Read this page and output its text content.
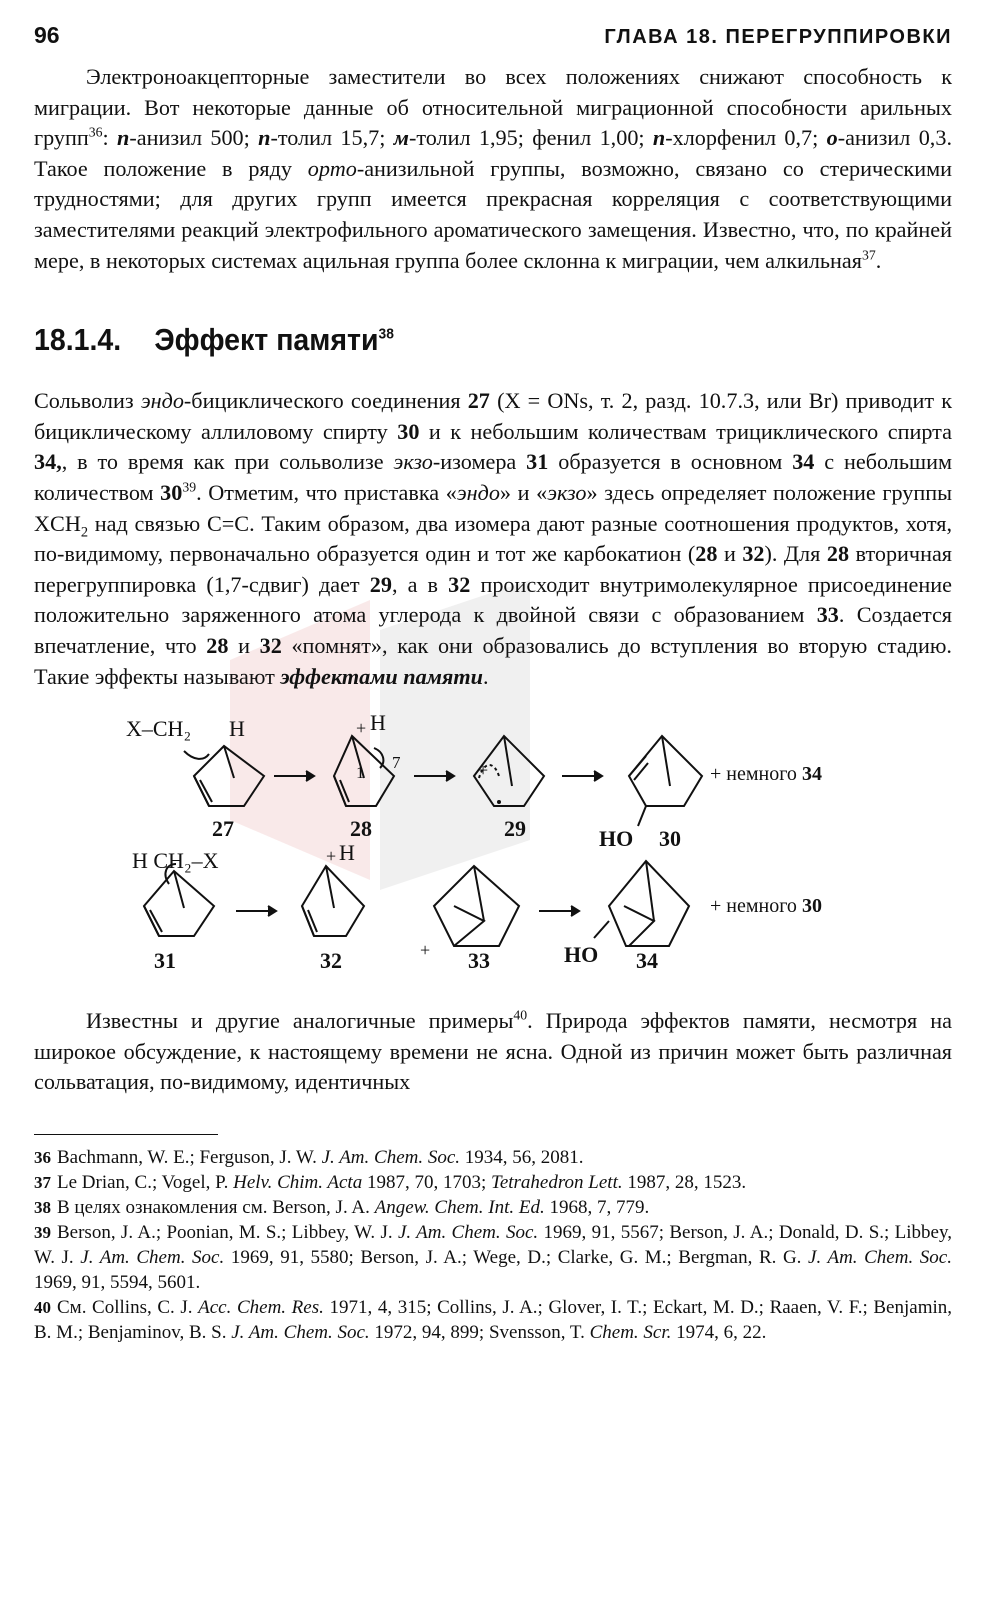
96	ГЛАВА 18. ПЕРЕГРУППИРОВКИ

Электроноакцепторные заместители во всех положениях снижают способность к миграции. Вот некоторые данные об относительной миграционной способности арильных групп$^{36}$: п-анизил 500; п-толил 15,7; м-толил 1,95; фенил 1,00; п-хлорфенил 0,7; о-анизил 0,3. Такое положение в ряду орто-анизильной группы, возможно, связано со стерическими трудностями; для других групп имеется прекрасная корреляция с соответствующими заместителями реакций электрофильного ароматического замещения. Известно, что, по крайней мере, в некоторых системах ацильная группа более склонна к миграции, чем алкильная$^{37}$.

18.1.4. Эффект памяти$^{38}$

Сольволиз эндо-бициклического соединения 27 (X = ONs, т. 2, разд. 10.7.3, или Br) приводит к бициклическому аллиловому спирту 30 и к небольшим количествам трициклического спирта 34,, в то время как при сольволизе экзо-изомера 31 образуется в основном 34 с небольшим количеством $30^{39}$. Отметим, что приставка «эндо» и «экзо» здесь определяет положение группы $XCH_2$ над связью C=C. Таким образом, два изомера дают разные соотношения продуктов, хотя, по-видимому, первоначально образуется один и тот же карбокатион (28 и 32). Для 28 вторичная перегруппировка (1,7-сдвиг) дает 29, а в 32 происходит внутримолекулярное присоединение положительно заряженного атома углерода к двойной связи с образованием 33. Создается впечатление, что 28 и 32 «помнят», как они образовались до вступления во вторую стадию. Такие эффекты называют эффектами памяти.

X–CH₂ H
27
+ H
1
7
28
+
29	HO 30
+ немного 34
H CH₂–X
31
+ H
32	+ 33	HO 34
+ немного 30

Известны и другие аналогичные примеры$^{40}$. Природа эффектов памяти, несмотря на широкое обсуждение, к настоящему времени не ясна. Одной из причин может быть различная сольватация, по-видимому, идентичных

36 Bachmann, W. E.; Ferguson, J. W. J. Am. Chem. Soc. 1934, 56, 2081.

37 Le Drian, C.; Vogel, P. Helv. Chim. Acta 1987, 70, 1703; Tetrahedron Lett. 1987, 28, 1523.

38 В целях ознакомления см. Berson, J. A. Angew. Chem. Int. Ed. 1968, 7, 779.

39 Berson, J. A.; Poonian, M. S.; Libbey, W. J. J. Am. Chem. Soc. 1969, 91, 5567; Berson, J. A.; Donald, D. S.; Libbey, W. J. J. Am. Chem. Soc. 1969, 91, 5580; Berson, J. A.; Wege, D.; Clarke, G. M.; Bergman, R. G. J. Am. Chem. Soc. 1969, 91, 5594, 5601.

40 См. Collins, C. J. Acc. Chem. Res. 1971, 4, 315; Collins, J. A.; Glover, I. T.; Eckart, M. D.; Raaen, V. F.; Benjamin, B. M.; Benjaminov, B. S. J. Am. Chem. Soc. 1972, 94, 899; Svensson, T. Chem. Scr. 1974, 6, 22.
